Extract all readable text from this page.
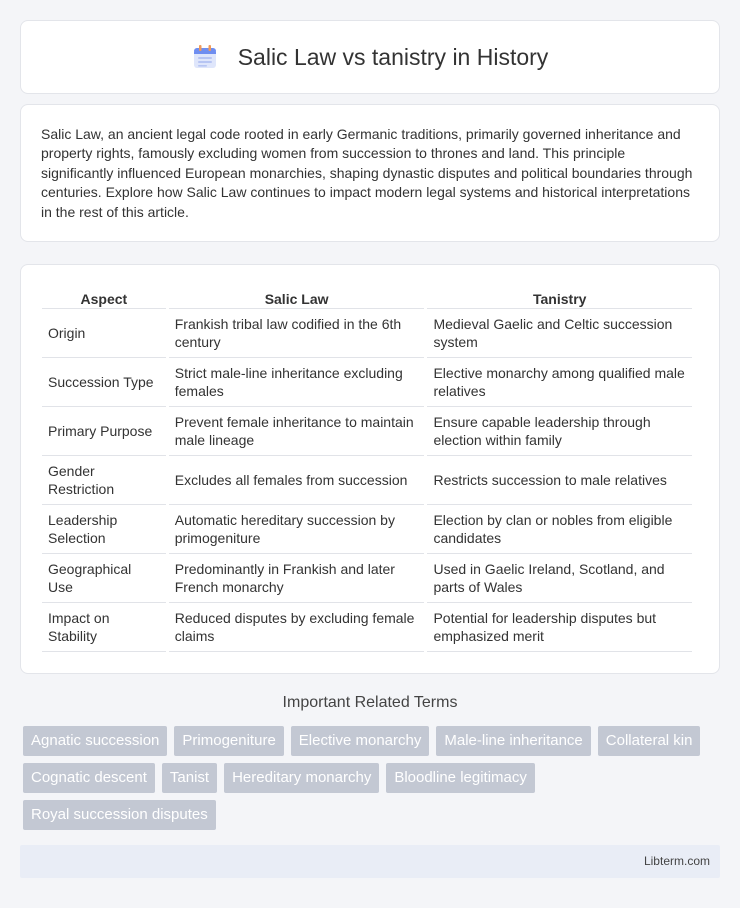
Salic Law vs tanistry in History

Salic Law, an ancient legal code rooted in early Germanic traditions, primarily governed inheritance and property rights, famously excluding women from succession to thrones and land. This principle significantly influenced European monarchies, shaping dynastic disputes and political boundaries through centuries. Explore how Salic Law continues to impact modern legal systems and historical interpretations in the rest of this article.

Aspect	Salic Law	Tanistry
Origin	Frankish tribal law codified in the 6th century	Medieval Gaelic and Celtic succession system
Succession Type	Strict male-line inheritance excluding females	Elective monarchy among qualified male relatives
Primary Purpose	Prevent female inheritance to maintain male lineage	Ensure capable leadership through election within family
Gender Restriction	Excludes all females from succession	Restricts succession to male relatives
Leadership Selection	Automatic hereditary succession by primogeniture	Election by clan or nobles from eligible candidates
Geographical Use	Predominantly in Frankish and later French monarchy	Used in Gaelic Ireland, Scotland, and parts of Wales
Impact on Stability	Reduced disputes by excluding female claims	Potential for leadership disputes but emphasized merit
Important Related Terms
Agnatic succession	Primogeniture	Elective monarchy	Male-line inheritance	Collateral kin
Cognatic descent	Tanist	Hereditary monarchy	Bloodline legitimacy
Royal succession disputes
Libterm.com
